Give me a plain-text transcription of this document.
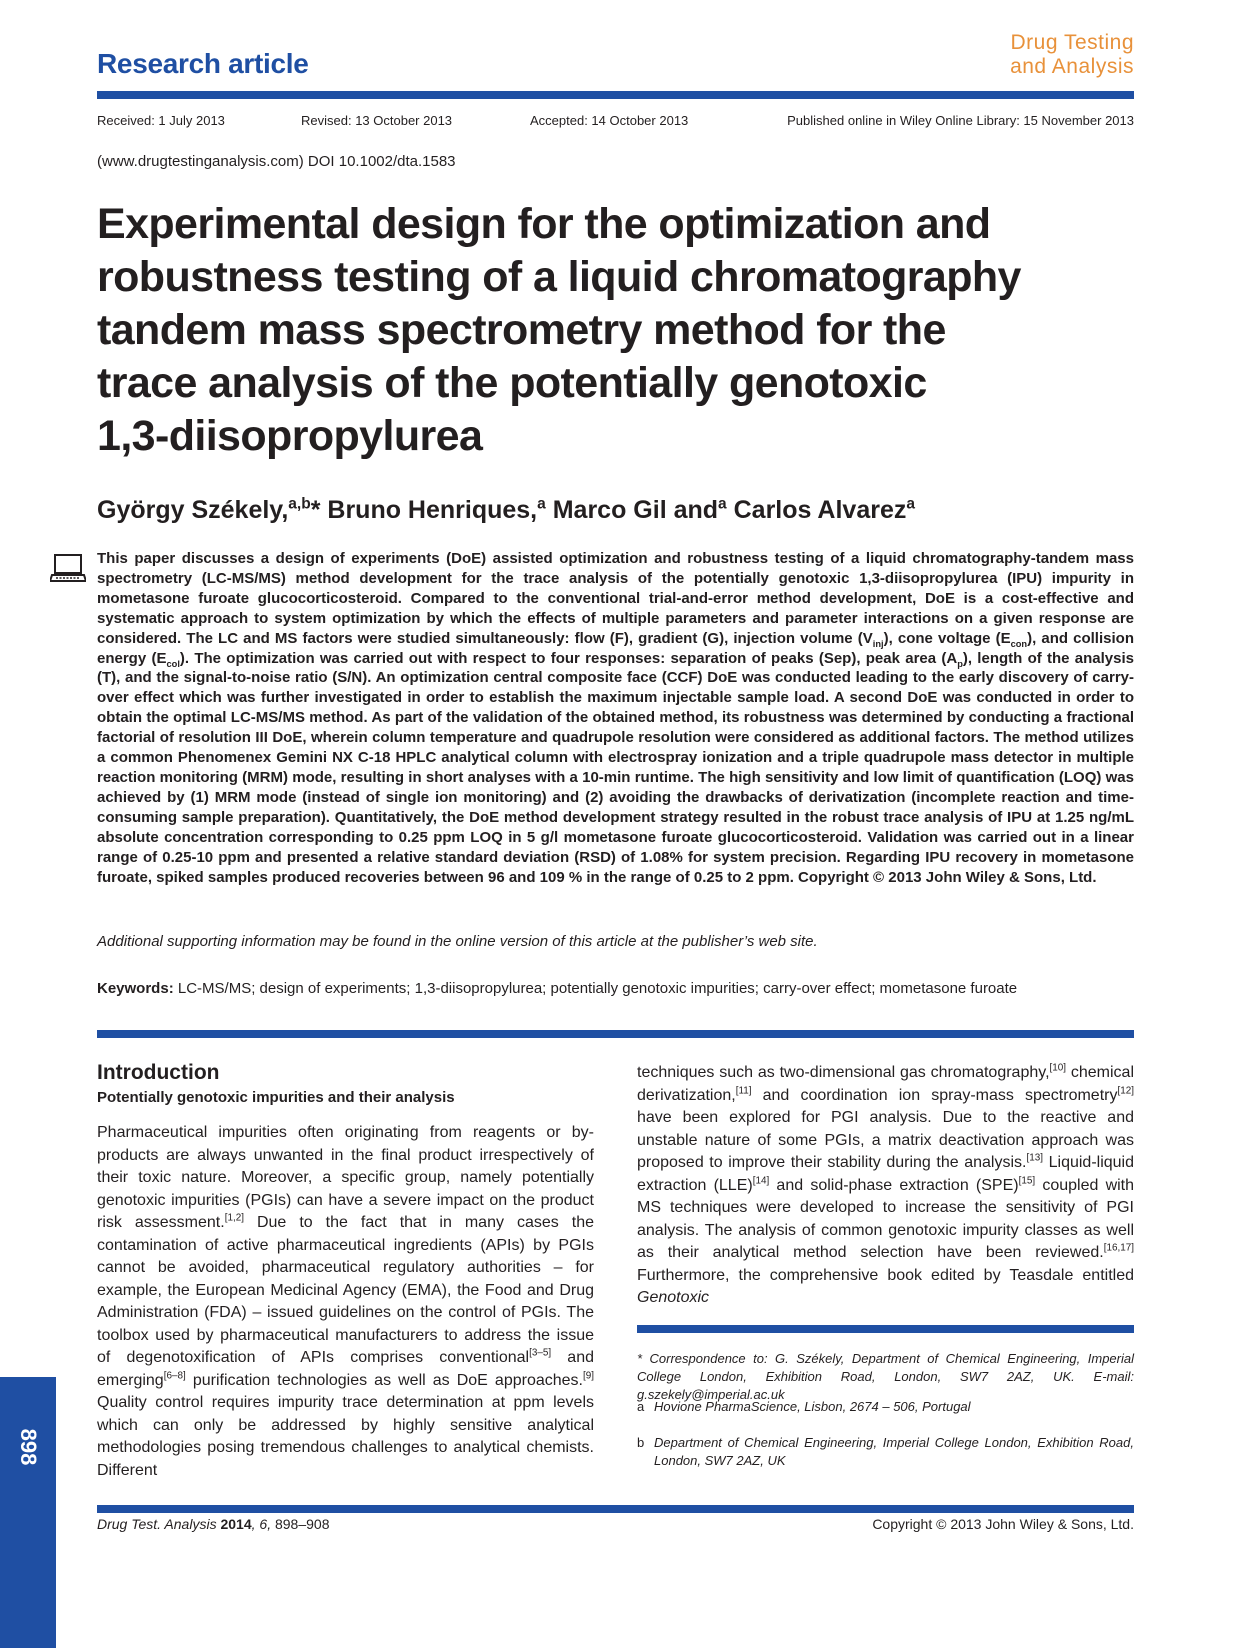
Research article
Drug Testing
and Analysis
Received: 1 July 2013	Revised: 13 October 2013	Accepted: 14 October 2013	Published online in Wiley Online Library: 15 November 2013
(www.drugtestinganalysis.com) DOI 10.1002/dta.1583
Experimental design for the optimization and
robustness testing of a liquid chromatography
tandem mass spectrometry method for the
trace analysis of the potentially genotoxic
1,3-diisopropylurea
György Székely,$^{a,b}$* Bruno Henriques,$^a$ Marco Gil and$^a$ Carlos Alvarez$^a$
This paper discusses a design of experiments (DoE) assisted optimization and robustness testing of a liquid chromatography-tandem mass spectrometry (LC-MS/MS) method development for the trace analysis of the potentially genotoxic 1,3-diisopropylurea (IPU) impurity in mometasone furoate glucocorticosteroid. Compared to the conventional trial-and-error method development, DoE is a cost-effective and systematic approach to system optimization by which the effects of multiple parameters and parameter interactions on a given response are considered. The LC and MS factors were studied simultaneously: flow (F), gradient (G), injection volume $(V_{inj})$, cone voltage $(E_{con})$, and collision energy $(E_{col})$. The optimization was carried out with respect to four responses: separation of peaks (Sep), peak area $(A_p)$, length of the analysis (T), and the signal-to-noise ratio (S/N). An optimization central composite face (CCF) DoE was conducted leading to the early discovery of carry-over effect which was further investigated in order to establish the maximum injectable sample load. A second DoE was conducted in order to obtain the optimal LC-MS/MS method. As part of the validation of the obtained method, its robustness was determined by conducting a fractional factorial of resolution III DoE, wherein column temperature and quadrupole resolution were considered as additional factors. The method utilizes a common Phenomenex Gemini NX C-18 HPLC analytical column with electrospray ionization and a triple quadrupole mass detector in multiple reaction monitoring (MRM) mode, resulting in short analyses with a 10-min runtime. The high sensitivity and low limit of quantification (LOQ) was achieved by (1) MRM mode (instead of single ion monitoring) and (2) avoiding the drawbacks of derivatization (incomplete reaction and time-consuming sample preparation). Quantitatively, the DoE method development strategy resulted in the robust trace analysis of IPU at 1.25 ng/mL absolute concentration corresponding to 0.25 ppm LOQ in 5 g/l mometasone furoate glucocorticosteroid. Validation was carried out in a linear range of 0.25-10 ppm and presented a relative standard deviation (RSD) of 1.08% for system precision. Regarding IPU recovery in mometasone furoate, spiked samples produced recoveries between 96 and 109 % in the range of 0.25 to 2 ppm. Copyright © 2013 John Wiley & Sons, Ltd.
Additional supporting information may be found in the online version of this article at the publisher’s web site.
Keywords: LC-MS/MS; design of experiments; 1,3-diisopropylurea; potentially genotoxic impurities; carry-over effect; mometasone furoate
Introduction
Potentially genotoxic impurities and their analysis
Pharmaceutical impurities often originating from reagents or by-products are always unwanted in the final product irrespectively of their toxic nature. Moreover, a specific group, namely potentially genotoxic impurities (PGIs) can have a severe impact on the product risk assessment.[1,2] Due to the fact that in many cases the contamination of active pharmaceutical ingredients (APIs) by PGIs cannot be avoided, pharmaceutical regulatory authorities – for example, the European Medicinal Agency (EMA), the Food and Drug Administration (FDA) – issued guidelines on the control of PGIs. The toolbox used by pharmaceutical manufacturers to address the issue of degenotoxification of APIs comprises conventional[3–5] and emerging[6–8] purification technologies as well as DoE approaches.[9] Quality control requires impurity trace determination at ppm levels which can only be addressed by highly sensitive analytical methodologies posing tremendous challenges to analytical chemists. Different
techniques such as two-dimensional gas chromatography,[10] chemical derivatization,[11] and coordination ion spray-mass spectrometry[12] have been explored for PGI analysis. Due to the reactive and unstable nature of some PGIs, a matrix deactivation approach was proposed to improve their stability during the analysis.[13] Liquid-liquid extraction (LLE)[14] and solid-phase extraction (SPE)[15] coupled with MS techniques were developed to increase the sensitivity of PGI analysis. The analysis of common genotoxic impurity classes as well as their analytical method selection have been reviewed.[16,17] Furthermore, the comprehensive book edited by Teasdale entitled Genotoxic
* Correspondence to: G. Székely, Department of Chemical Engineering, Imperial College London, Exhibition Road, London, SW7 2AZ, UK. E-mail: g.szekely@imperial.ac.uk
a Hovione PharmaScience, Lisbon, 2674 – 506, Portugal
b Department of Chemical Engineering, Imperial College London, Exhibition Road, London, SW7 2AZ, UK
898
Drug Test. Analysis 2014, 6, 898–908	Copyright © 2013 John Wiley & Sons, Ltd.
